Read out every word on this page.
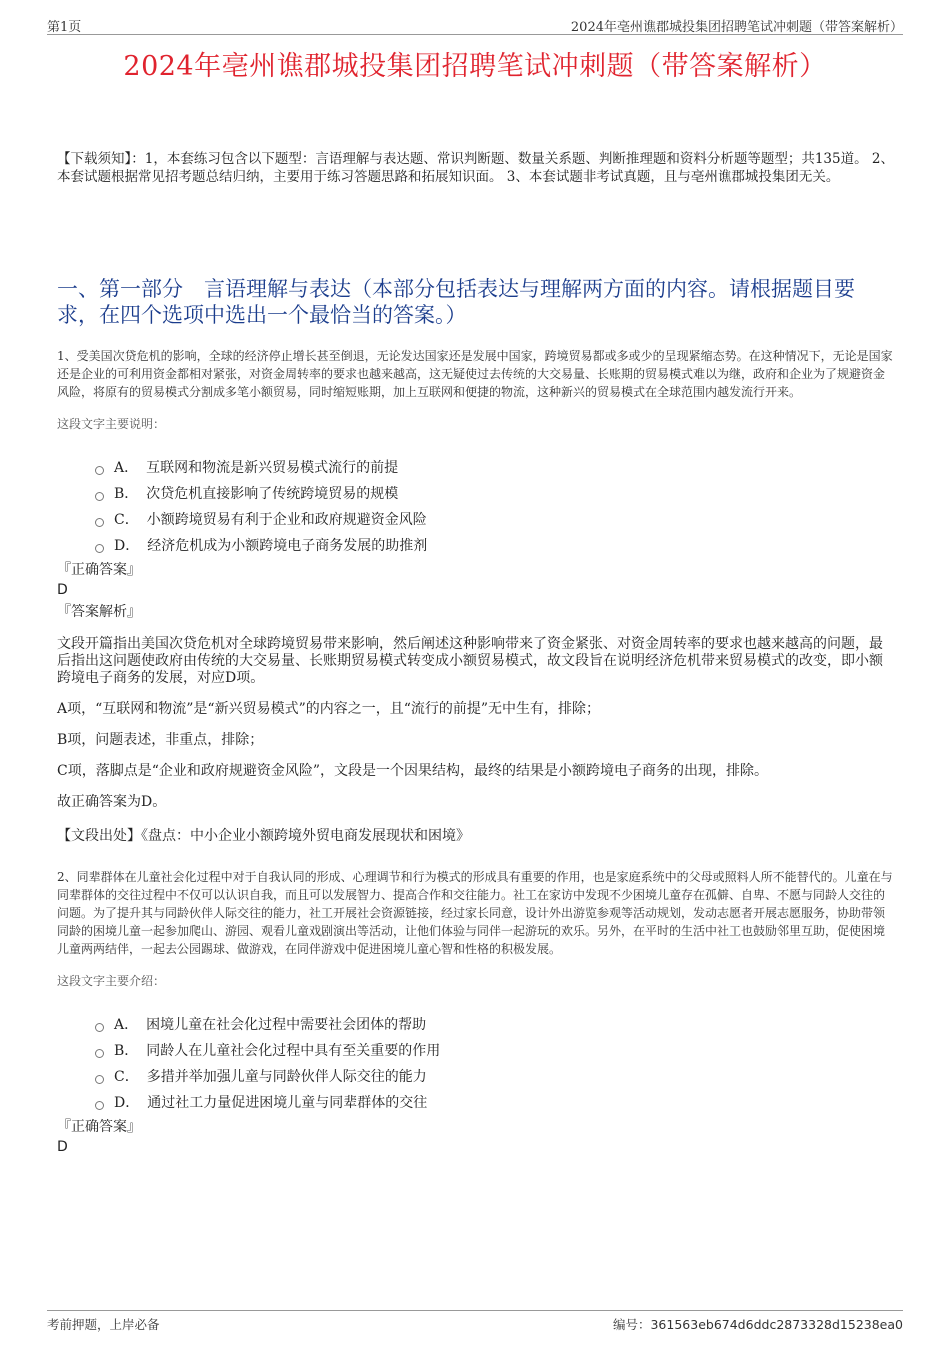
第1页	2024年亳州谯郡城投集团招聘笔试冲刺题（带答案解析）
2024年亳州谯郡城投集团招聘笔试冲刺题（带答案解析）
【下载须知】：1，本套练习包含以下题型：言语理解与表达题、常识判断题、数量关系题、判断推理题和资料分析题等题型；共135道。 2、本套试题根据常见招考题总结归纳，主要用于练习答题思路和拓展知识面。 3、本套试题非考试真题，且与亳州谯郡城投集团无关。
一、第一部分　言语理解与表达（本部分包括表达与理解两方面的内容。请根据题目要求，在四个选项中选出一个最恰当的答案。）
1、受美国次贷危机的影响，全球的经济停止增长甚至倒退，无论发达国家还是发展中国家，跨境贸易都或多或少的呈现紧缩态势。在这种情况下，无论是国家还是企业的可利用资金都相对紧张，对资金周转率的要求也越来越高，这无疑使过去传统的大交易量、长账期的贸易模式难以为继，政府和企业为了规避资金风险，将原有的贸易模式分割成多笔小额贸易，同时缩短账期，加上互联网和便捷的物流，这种新兴的贸易模式在全球范围内越发流行开来。
这段文字主要说明：
A． 互联网和物流是新兴贸易模式流行的前提
B． 次贷危机直接影响了传统跨境贸易的规模
C． 小额跨境贸易有利于企业和政府规避资金风险
D． 经济危机成为小额跨境电子商务发展的助推剂
『正确答案』
D
『答案解析』
文段开篇指出美国次贷危机对全球跨境贸易带来影响，然后阐述这种影响带来了资金紧张、对资金周转率的要求也越来越高的问题，最后指出这问题使政府由传统的大交易量、长账期贸易模式转变成小额贸易模式，故文段旨在说明经济危机带来贸易模式的改变，即小额跨境电子商务的发展，对应D项。
A项，“互联网和物流”是“新兴贸易模式”的内容之一，且“流行的前提”无中生有，排除；
B项，问题表述，非重点，排除；
C项，落脚点是“企业和政府规避资金风险”，文段是一个因果结构，最终的结果是小额跨境电子商务的出现，排除。
故正确答案为D。
【文段出处】《盘点：中小企业小额跨境外贸电商发展现状和困境》
2、同辈群体在儿童社会化过程中对于自我认同的形成、心理调节和行为模式的形成具有重要的作用，也是家庭系统中的父母或照料人所不能替代的。儿童在与同辈群体的交往过程中不仅可以认识自我，而且可以发展智力、提高合作和交往能力。社工在家访中发现不少困境儿童存在孤僻、自卑、不愿与同龄人交往的问题。为了提升其与同龄伙伴人际交往的能力，社工开展社会资源链接，经过家长同意，设计外出游览参观等活动规划，发动志愿者开展志愿服务，协助带领同龄的困境儿童一起参加爬山、游园、观看儿童戏剧演出等活动，让他们体验与同伴一起游玩的欢乐。另外，在平时的生活中社工也鼓励邻里互助，促使困境儿童两两结伴，一起去公园踢球、做游戏，在同伴游戏中促进困境儿童心智和性格的积极发展。
这段文字主要介绍：
A． 困境儿童在社会化过程中需要社会团体的帮助
B． 同龄人在儿童社会化过程中具有至关重要的作用
C． 多措并举加强儿童与同龄伙伴人际交往的能力
D． 通过社工力量促进困境儿童与同辈群体的交往
『正确答案』
D
考前押题，上岸必备	编号：361563eb674d6ddc2873328d15238ea0
